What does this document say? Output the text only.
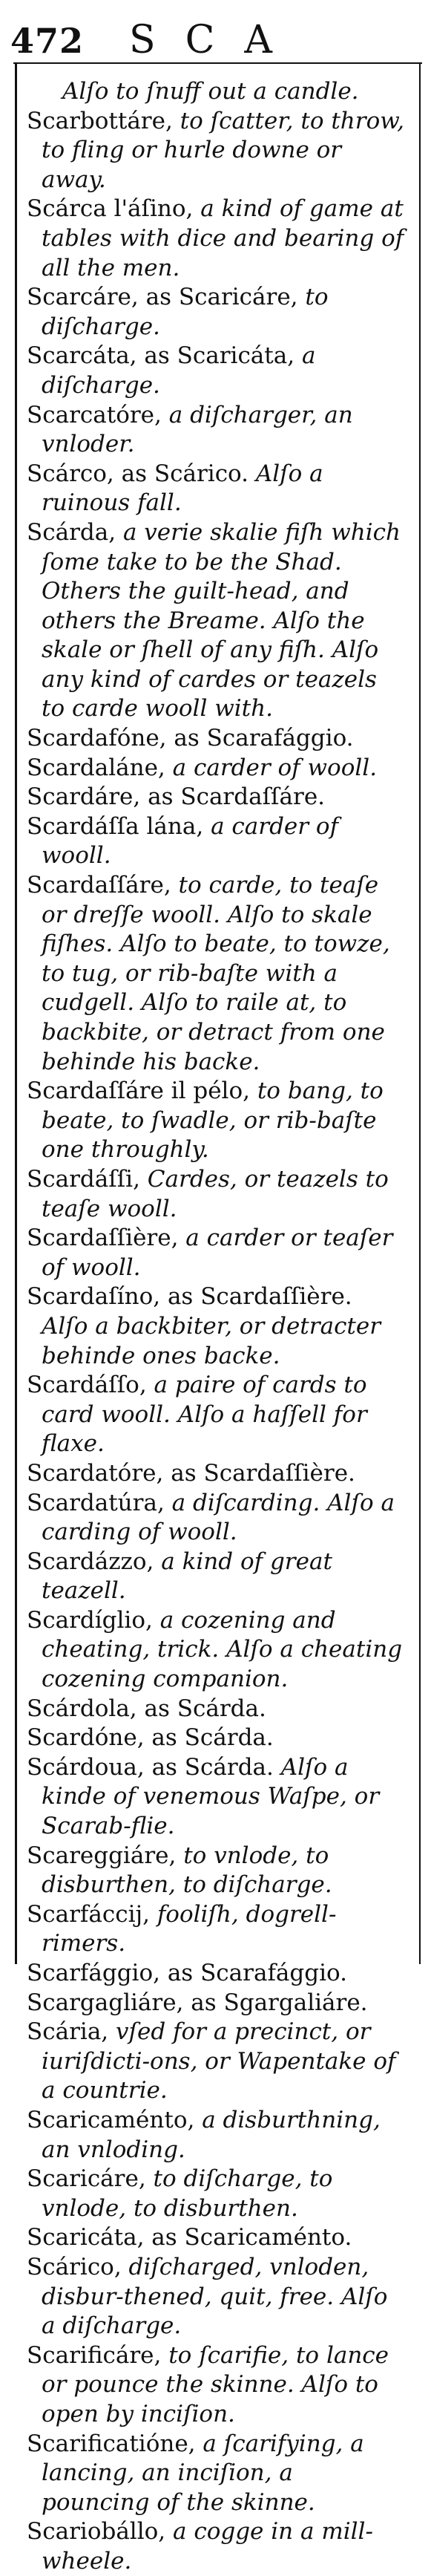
472	SCA

Alſo to ſnuff out a candle.

Scarbottáre, to ſcatter, to throw, to fling or hurle downe or away.

Scárca l'áſino, a kind of game at tables with dice and bearing of all the men.

Scarcáre, as Scaricáre, to diſcharge.

Scarcáta, as Scaricáta, a diſcharge.

Scarcatóre, a diſcharger, an vnloder.

Scárco, as Scárico. Alſo a ruinous fall.

Scárda, a verie skalie fiſh which ſome take to be the Shad. Others the guilt-head, and others the Breame. Alſo the skale or ſhell of any fiſh. Alſo any kind of cardes or teazels to carde wooll with.

Scardafóne, as Scarafággio.

Scardaláne, a carder of wooll.

Scardáre, as Scardaſſáre.

Scardáſſa lána, a carder of wooll.

Scardaſſáre, to carde, to teaſe or dreſſe wooll. Alſo to skale fiſhes. Alſo to beate, to towze, to tug, or rib-baſte with a cudgell. Alſo to raile at, to backbite, or detract from one behinde his backe.

Scardaſſáre il pélo, to bang, to beate, to ſwadle, or rib-baſte one throughly.

Scardáſſi, Cardes, or teazels to teaſe wooll.

Scardaſſière, a carder or teaſer of wooll.

Scardaſíno, as Scardaſſière. Alſo a backbiter, or detracter behinde ones backe.

Scardáſſo, a paire of cards to card wooll. Alſo a haſſell for flaxe.

Scardatóre, as Scardaſſière.

Scardatúra, a diſcarding. Alſo a carding of wooll.

Scardázzo, a kind of great teazell.

Scardíglio, a cozening and cheating, trick. Alſo a cheating cozening companion.

Scárdola, as Scárda.

Scardóne, as Scárda.

Scárdoua, as Scárda. Alſo a kinde of venemous Waſpe, or Scarab-flie.

Scareggiáre, to vnlode, to disburthen, to diſcharge.

Scarfáccij, fooliſh, dogrell-rimers.

Scarfággio, as Scarafággio.

Scargagliáre, as Sgargaliáre.

Scária, vſed for a precinct, or iuriſdicti-ons, or Wapentake of a countrie.

Scaricaménto, a disburthning, an vnloding.

Scaricáre, to diſcharge, to vnlode, to disburthen.

Scaricáta, as Scaricaménto.

Scárico, diſcharged, vnloden, disbur-thened, quit, free. Alſo a diſcharge.

Scarificáre, to ſcarifie, to lance or pounce the skinne. Alſo to open by inciſion.

Scarificatióne, a ſcarifying, a lancing, an inciſion, a pouncing of the skinne.

Scariobállo, a cogge in a mill-wheele.
